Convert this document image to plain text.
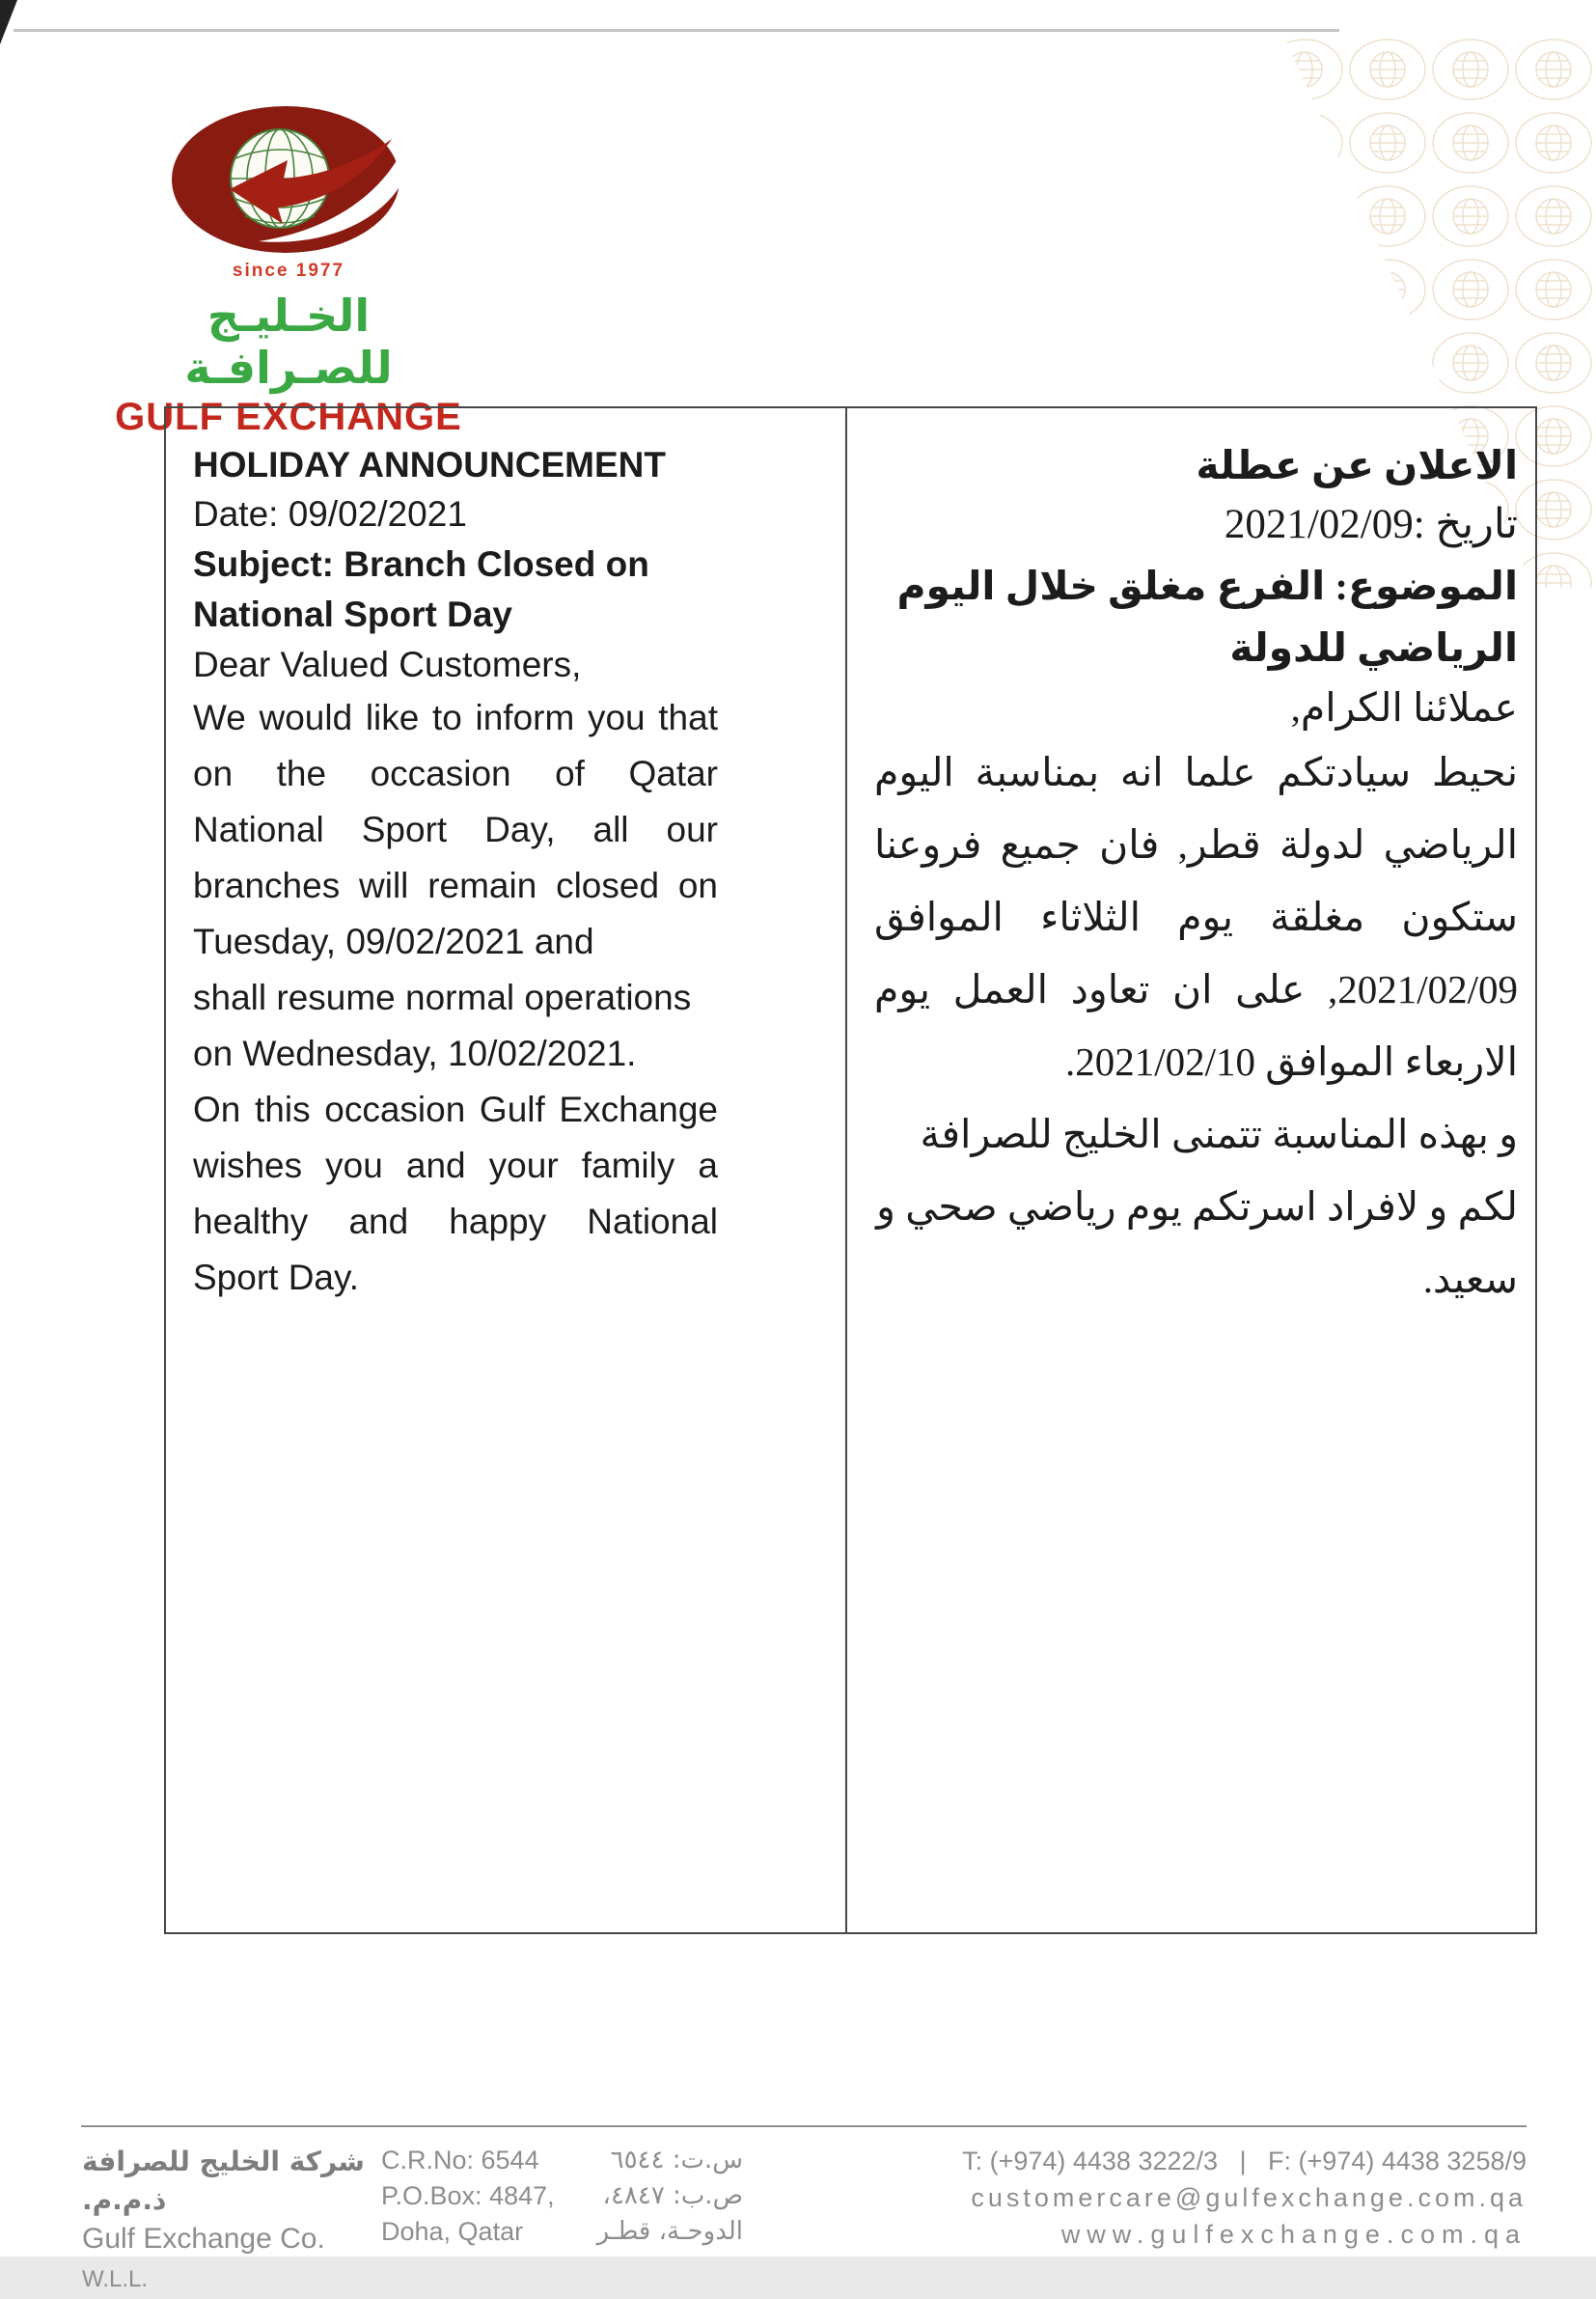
since 1977
الخـليـج للصـرافـة
GULF EXCHANGE

HOLIDAY ANNOUNCEMENT

Date: 09/02/2021

Subject: Branch Closed on
National Sport Day

Dear Valued Customers,

We would like to inform you that on the occasion of Qatar National Sport Day, all our branches will remain closed on Tuesday, 09/02/2021 and

shall resume normal operations on Wednesday, 10/02/2021.

On this occasion Gulf Exchange wishes you and your family a healthy and happy National Sport Day.

الاعلان عن عطلة

تاريخ :2021/02/09

الموضوع: الفرع مغلق خلال اليوم الرياضي للدولة

عملائنا الكرام,

نحيط سيادتكم علما انه بمناسبة اليوم الرياضي لدولة قطر, فان جميع فروعنا ستكون مغلقة يوم الثلاثاء الموافق 2021/02/09, على ان تعاود العمل يوم الاربعاء الموافق 2021/02/10.

و بهذه المناسبة تتمنى الخليج للصرافة لكم و لافراد اسرتكم يوم رياضي صحي و سعيد.

شركة الخليج للصرافة ذ.م.م.
Gulf Exchange Co. W.L.L.
C.R.No: 6544
P.O.Box: 4847,
Doha, Qatar
س.ت: ٦٥٤٤
ص.ب: ٤٨٤٧،
الدوحـة، قطـر
T: (+974) 4438 3222/3   |   F: (+974) 4438 3258/9
customercare@gulfexchange.com.qa
www.gulfexchange.com.qa
